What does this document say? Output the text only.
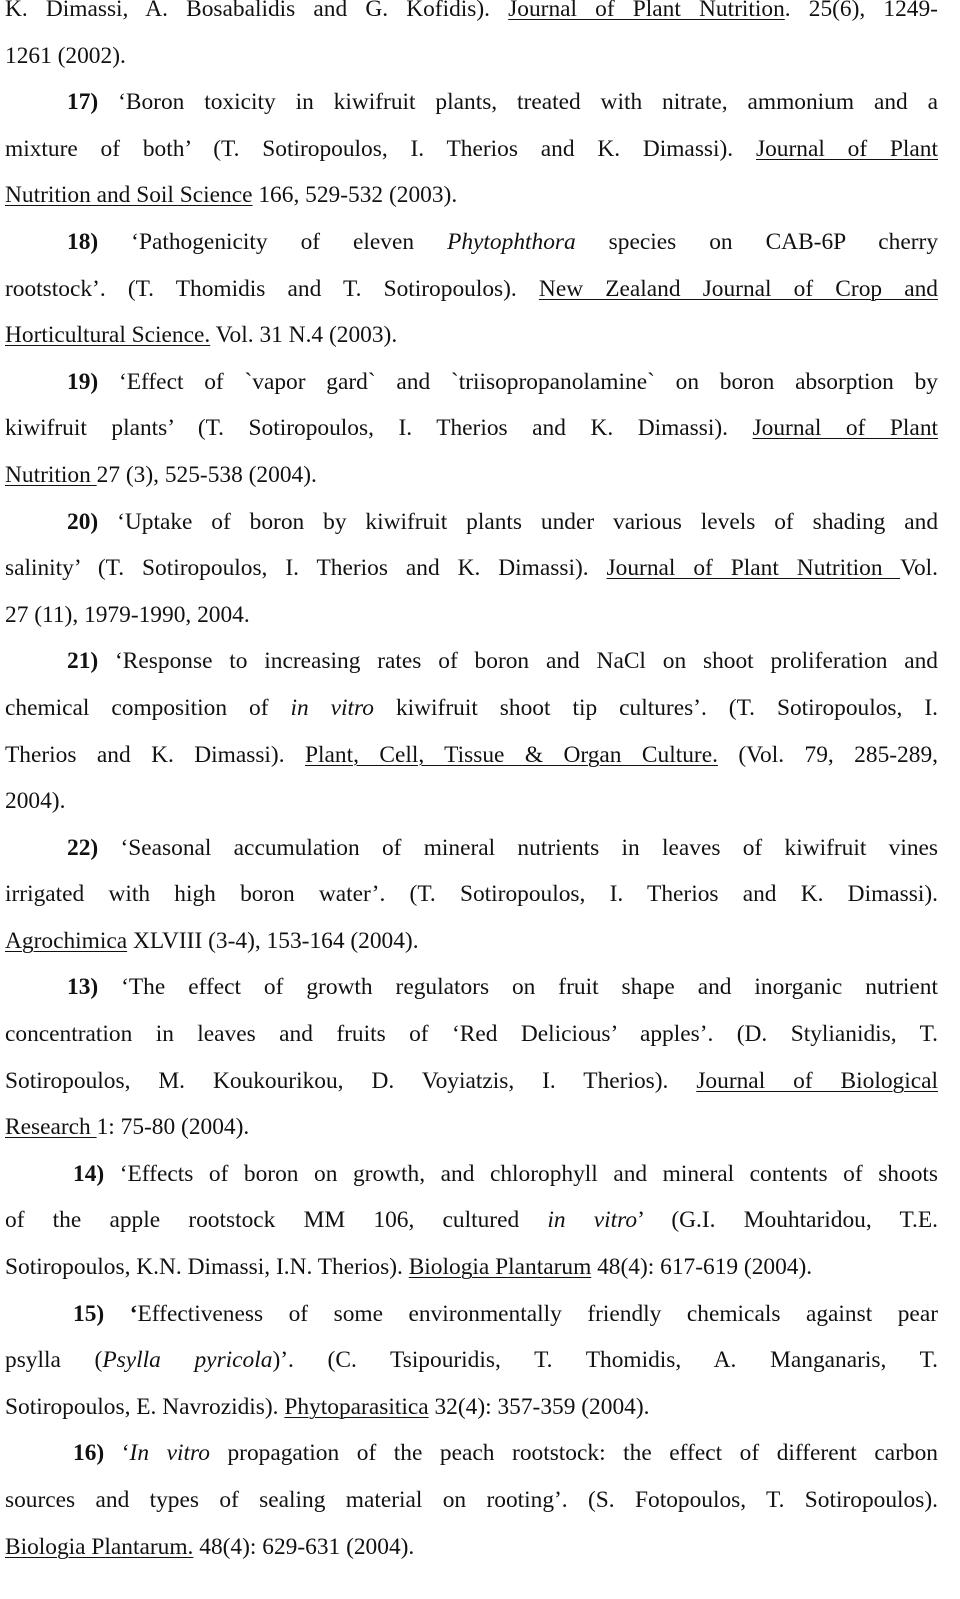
K. Dimassi, A. Bosabalidis and G. Kofidis). Journal of Plant Nutrition. 25(6), 1249-
1261 (2002).
17) ‘Boron toxicity in kiwifruit plants, treated with nitrate, ammonium and a
mixture of both’ (T. Sotiropoulos, I. Therios and K. Dimassi). Journal of Plant
Nutrition and Soil Science 166, 529-532 (2003).
18) ‘Pathogenicity of eleven Phytophthora species on CAB-6P cherry
rootstock’. (T. Thomidis and T. Sotiropoulos). New Zealand Journal of Crop and
Horticultural Science. Vol. 31 N.4 (2003).
19) ‘Effect of `vapor gard` and `triisopropanolamine` on boron absorption by
kiwifruit plants’ (T. Sotiropoulos, I. Therios and K. Dimassi). Journal of Plant
Nutrition 27 (3), 525-538 (2004).
20) ‘Uptake of boron by kiwifruit plants under various levels of shading and
salinity’ (T. Sotiropoulos, I. Therios and K. Dimassi). Journal of Plant Nutrition Vol.
27 (11), 1979-1990, 2004.
21) ‘Response to increasing rates of boron and NaCl on shoot proliferation and
chemical composition of in vitro kiwifruit shoot tip cultures’. (T. Sotiropoulos, I.
Therios and K. Dimassi). Plant, Cell, Tissue & Organ Culture. (Vol. 79, 285-289,
2004).
22) ‘Seasonal accumulation of mineral nutrients in leaves of kiwifruit vines
irrigated with high boron water’. (T. Sotiropoulos, I. Therios and K. Dimassi).
Agrochimica XLVIII (3-4), 153-164 (2004).
13) ‘The effect of growth regulators on fruit shape and inorganic nutrient
concentration in leaves and fruits of ‘Red Delicious’ apples’. (D. Stylianidis, T.
Sotiropoulos, M. Koukourikou, D. Voyiatzis, I. Therios). Journal of Biological
Research 1: 75-80 (2004).
14) ‘Effects of boron on growth, and chlorophyll and mineral contents of shoots
of the apple rootstock MM 106, cultured in vitro’ (G.I. Mouhtaridou, T.E.
Sotiropoulos, K.N. Dimassi, I.N. Therios). Biologia Plantarum 48(4): 617-619 (2004).
15) ‘Effectiveness of some environmentally friendly chemicals against pear
psylla (Psylla pyricola)’. (C. Tsipouridis, T. Thomidis, A. Manganaris, T.
Sotiropoulos, E. Navrozidis). Phytoparasitica 32(4): 357-359 (2004).
16) ‘In vitro propagation of the peach rootstock: the effect of different carbon
sources and types of sealing material on rooting’. (S. Fotopoulos, T. Sotiropoulos).
Biologia Plantarum. 48(4): 629-631 (2004).
